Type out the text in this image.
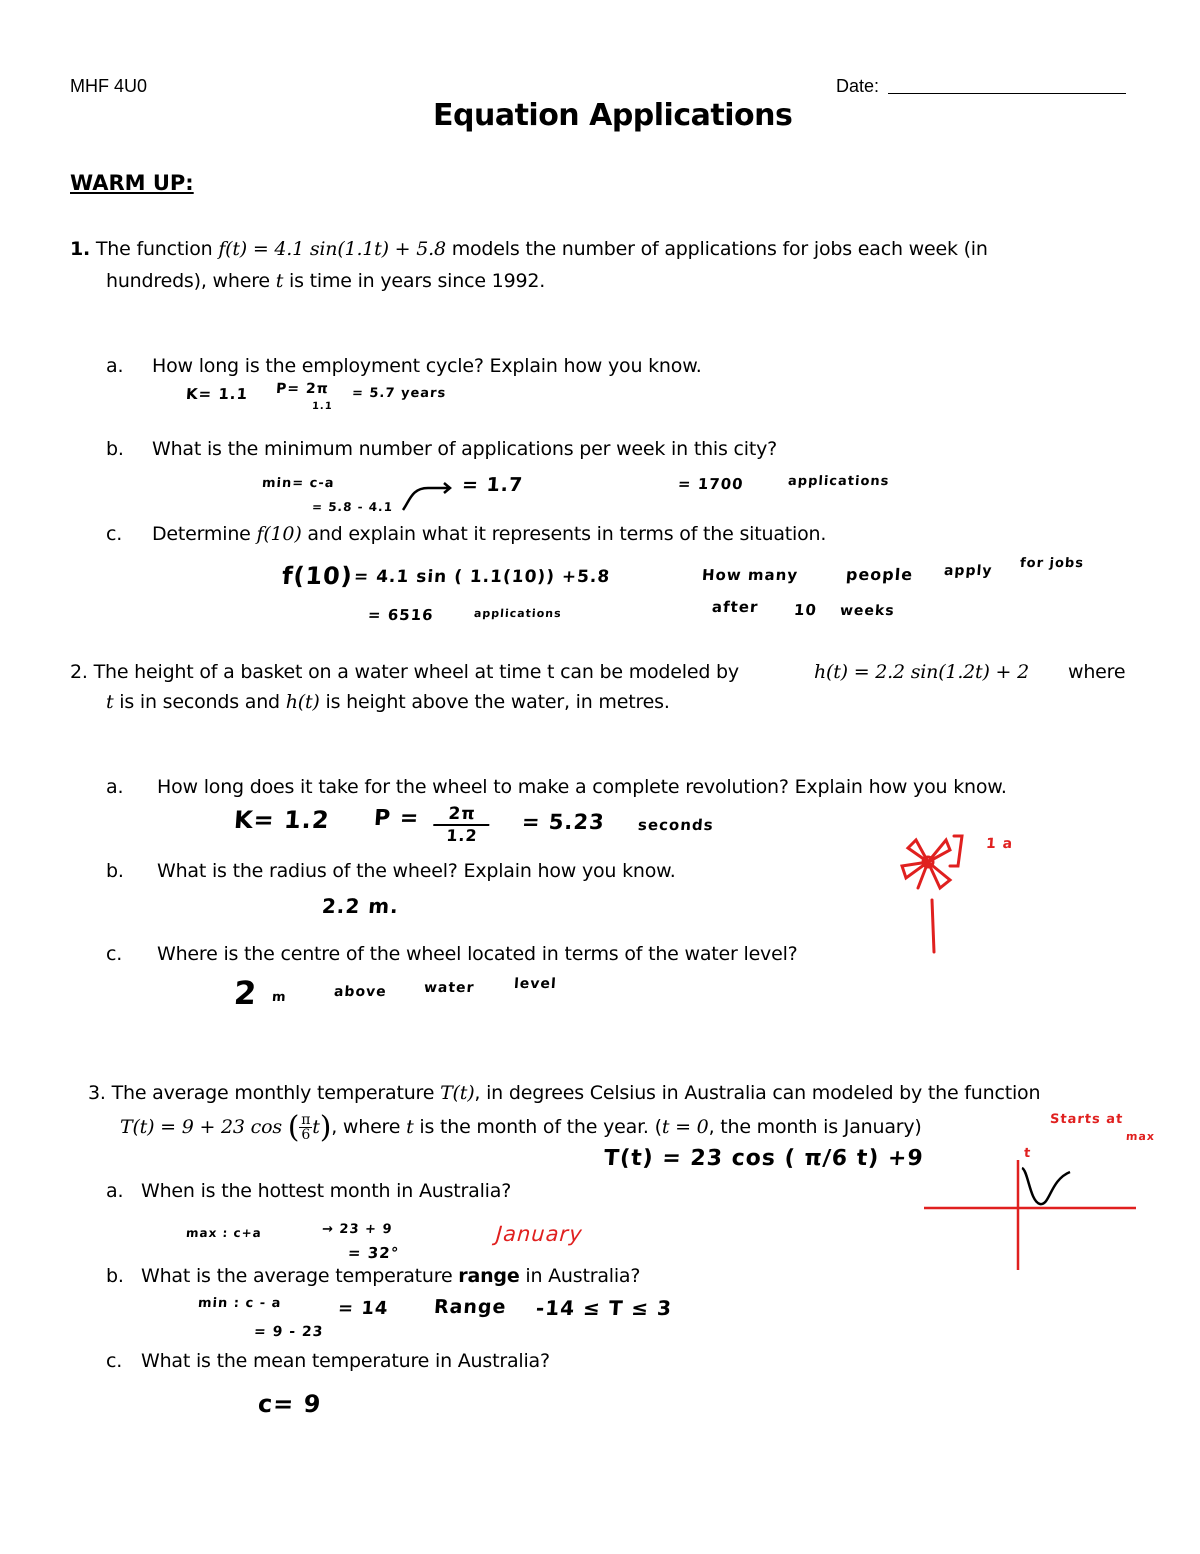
MHF 4U0	Date:
Equation Applications
WARM UP:
1. The function f(t) = 4.1 sin(1.1t) + 5.8 models the number of applications for jobs each week (in
hundreds), where t is time in years since 1992.
a. How long is the employment cycle? Explain how you know.
K= 1.1 P= 2π
1.1
= 5.7 years
b. What is the minimum number of applications per week in this city?
min= c-a
= 5.8 - 4.1
= 1.7	= 1700	applications
c. Determine f(10) and explain what it represents in terms of the situation.
f(10) = 4.1 sin ( 1.1(10)) +5.8
= 6516	applications
How many	people apply for jobs
after 10 weeks
2. The height of a basket on a water wheel at time t can be modeled by	h(t) = 2.2 sin(1.2t) + 2 where
t is in seconds and h(t) is height above the water, in metres.
a. How long does it take for the wheel to make a complete revolution? Explain how you know.
K= 1.2 P =	2π
1.2
= 5.23 seconds
b. What is the radius of the wheel? Explain how you know.
2.2 m.
c. Where is the centre of the wheel located in terms of the water level?
2 m	above	water	level
1 a
3. The average monthly temperature T(t), in degrees Celsius in Australia can modeled by the function
T(t) = 9 + 23 cos ( $\frac{\pi}{6} t$), where t is the month of the year. (t = 0, the month is January)
T(t) = 23 cos ( π/6 t) +9
Starts at
max
t
a. When is the hottest month in Australia?
max : c+a	→ 23 + 9
= 32°
January
b. What is the average temperature range in Australia?
min : c - a
= 9 - 23
= 14 Range -14 ≤ T ≤ 3
c. What is the mean temperature in Australia?
c= 9
